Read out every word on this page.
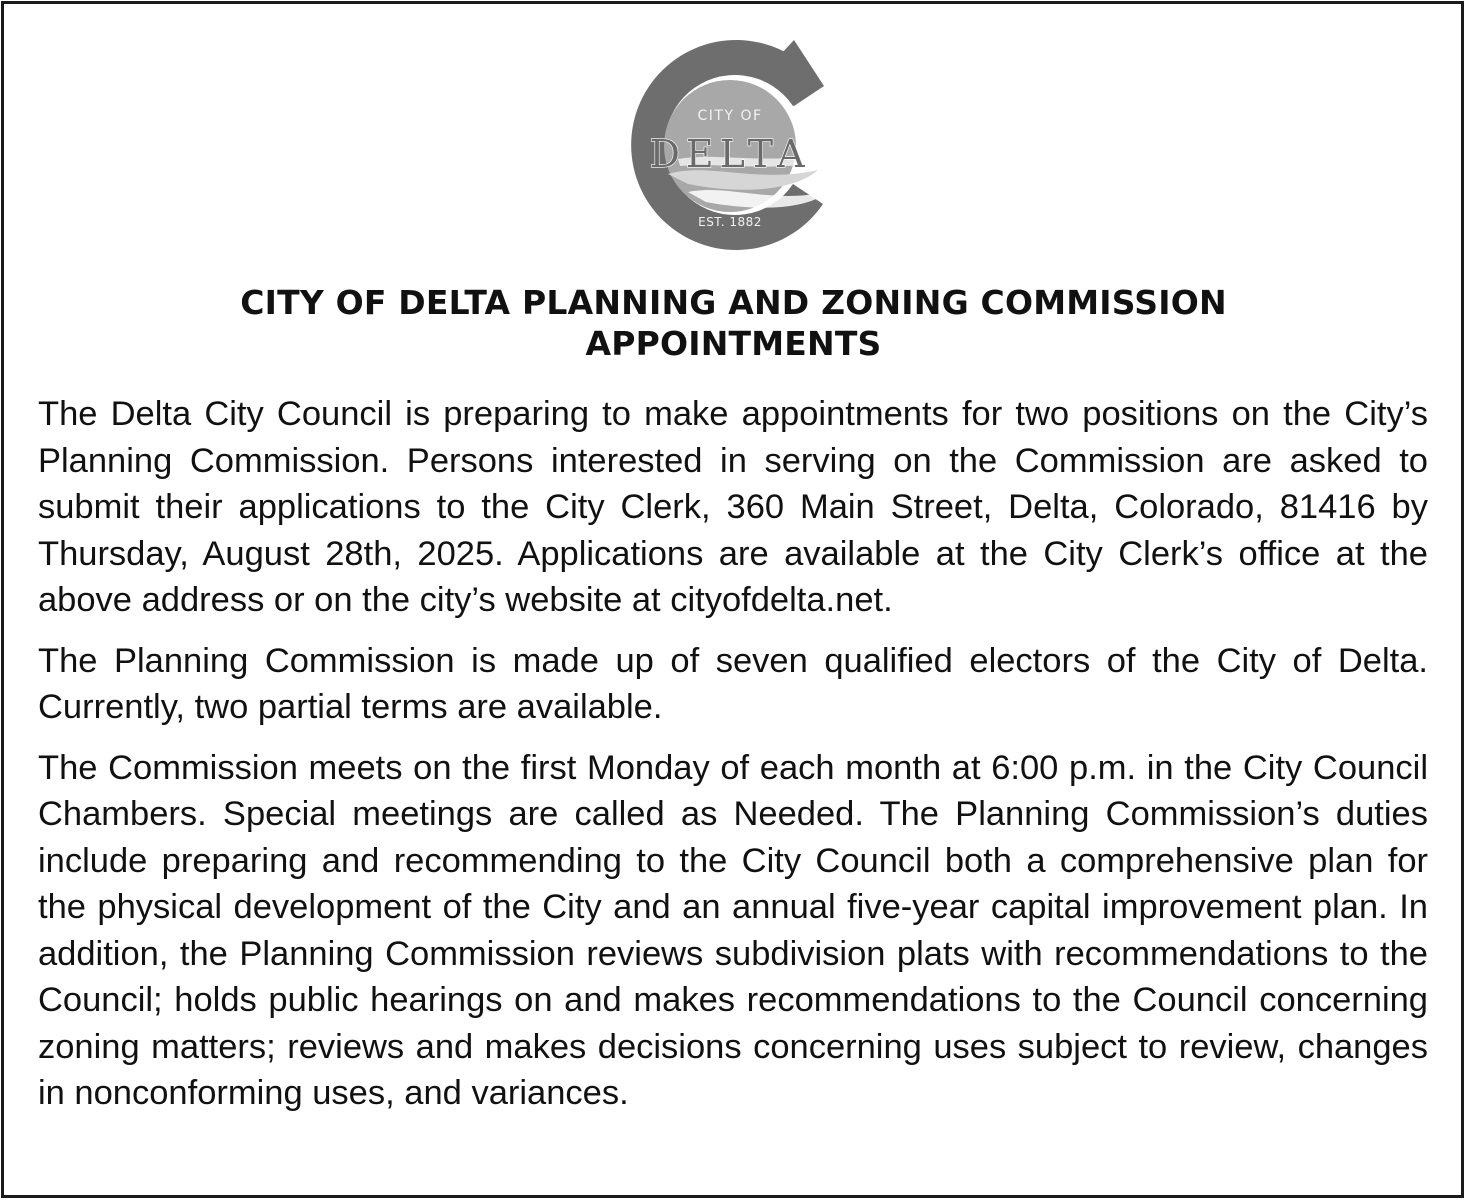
CITY OF
DELTA
EST. 1882
CITY OF DELTA PLANNING AND ZONING COMMISSION
APPOINTMENTS

The Delta City Council is preparing to make appointments for two positions on the City’s Planning Commission. Persons interested in serving on the Commission are asked to submit their applications to the City Clerk, 360 Main Street, Delta, Colorado, 81416 by Thursday, August 28th, 2025. Applications are available at the City Clerk’s office at the above address or on the city’s website at cityofdelta.net.

The Planning Commission is made up of seven qualified electors of the City of Delta. Currently, two partial terms are available.

The Commission meets on the first Monday of each month at 6:00 p.m. in the City Council Chambers. Special meetings are called as Needed. The Planning Commission’s duties include preparing and recommending to the City Council both a comprehensive plan for the physical development of the City and an annual five-year capital improvement plan. In addition, the Planning Commission reviews subdivision plats with recommendations to the Council; holds public hearings on and makes recommendations to the Council concerning zoning matters; reviews and makes decisions concerning uses subject to review, changes in nonconforming uses, and variances.
